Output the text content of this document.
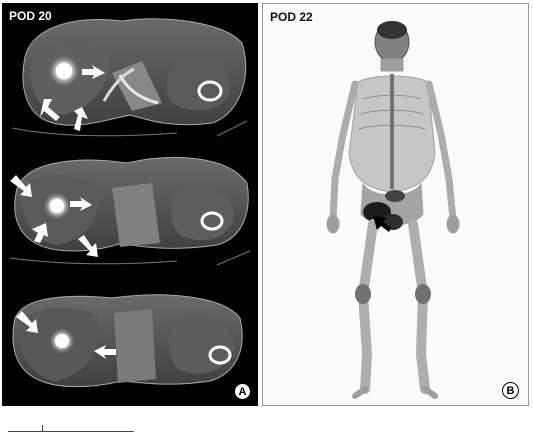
POD 20
A
POD 22
B
